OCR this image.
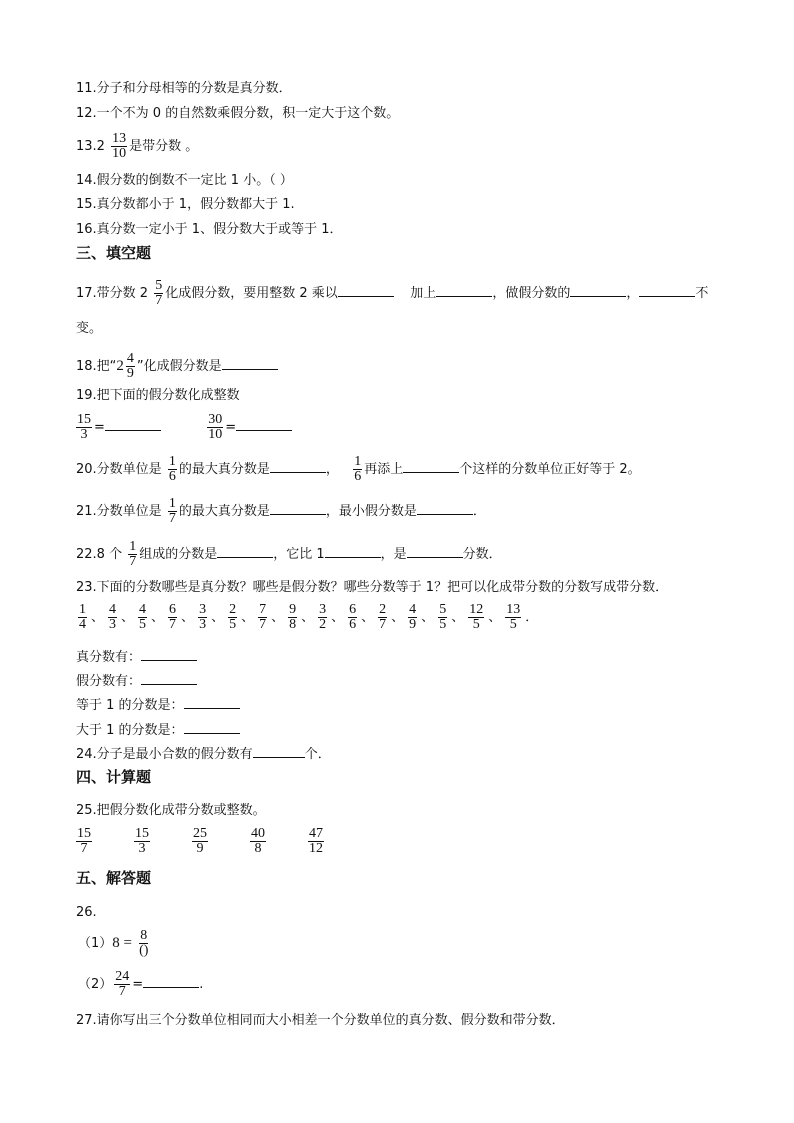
11.分子和分母相等的分数是真分数．
12.一个不为 0 的自然数乘假分数，积一定大于这个数。
$13.2 \frac{13}{10}$ 是带分数 。
14.假分数的倒数不一定比 1 小。（ ）
15.真分数都小于 1，假分数都大于 1.
16.真分数一定小于 1、假分数大于或等于 1．
三、填空题
17.带分数 $2 \frac{5}{7}$ 化成假分数，要用整数 2 乘以	加上	，做假分数的	，	不
变。
18.把“$2 \frac{4}{9}$ ”化成假分数是
19.把下面的假分数化成整数
$\frac{15}{3}$ =	$\frac{30}{10}$ =
20.分数单位是 $\frac{1}{6}$ 的最大真分数是	， $\frac{1}{6}$ 再添上	个这样的分数单位正好等于 2。
21.分数单位是 $\frac{1}{7}$ 的最大真分数是	，最小假分数是	．
22.8 个 $\frac{1}{7}$ 组成的分数是	，它比 1	，是	分数．
23.下面的分数哪些是真分数？哪些是假分数？哪些分数等于 1？把可以化成带分数的分数写成带分数．
$\frac{1}{4}$ 、 $\frac{4}{3}$ 、 $\frac{4}{5}$ 、 $\frac{6}{7}$ 、 $\frac{3}{3}$ 、 $\frac{2}{5}$ 、 $\frac{7}{7}$ 、 $\frac{9}{8}$ 、 $\frac{3}{2}$ 、 $\frac{6}{6}$ 、 $\frac{2}{7}$ 、 $\frac{4}{9}$ 、 $\frac{5}{5}$ 、 $\frac{12}{5}$ 、 $\frac{13}{5}$ ．
真分数有：
假分数有：
等于 1 的分数是：
大于 1 的分数是：
24.分子是最小合数的假分数有	个．
四、计算题
25.把假分数化成带分数或整数。
$\frac{15}{7}$	$\frac{15}{3}$	$\frac{25}{9}$	$\frac{40}{8}$	$\frac{47}{12}$
五、解答题
26.
（1）8 = 8
()
$(2) \frac{24}{7}$ =	.
27.请你写出三个分数单位相同而大小相差一个分数单位的真分数、假分数和带分数．
